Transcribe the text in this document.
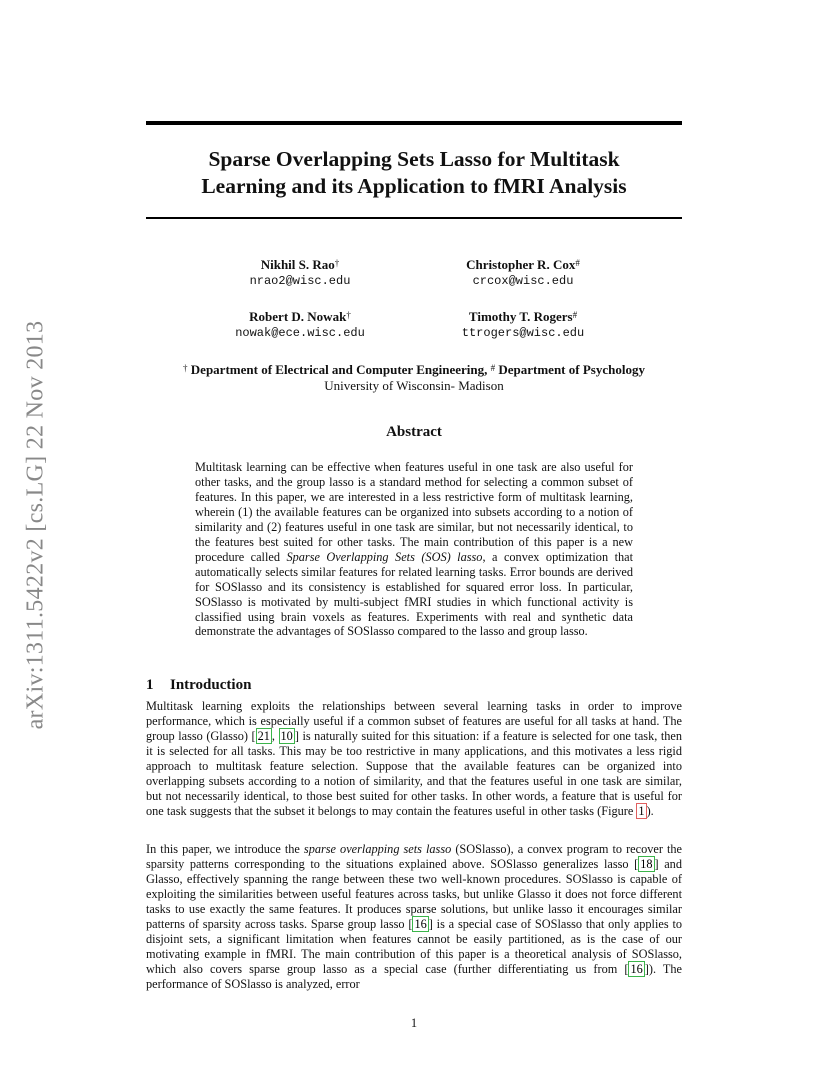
arXiv:1311.5422v2 [cs.LG] 22 Nov 2013
Sparse Overlapping Sets Lasso for Multitask
Learning and its Application to fMRI Analysis
Nikhil S. Rao†
nrao2@wisc.edu
Christopher R. Cox#
crcox@wisc.edu
Robert D. Nowak†
nowak@ece.wisc.edu
Timothy T. Rogers#
ttrogers@wisc.edu
† Department of Electrical and Computer Engineering, # Department of Psychology
University of Wisconsin- Madison
Abstract
Multitask learning can be effective when features useful in one task are also useful for other tasks, and the group lasso is a standard method for selecting a common subset of features. In this paper, we are interested in a less restrictive form of multitask learning, wherein (1) the available features can be organized into subsets according to a notion of similarity and (2) features useful in one task are similar, but not necessarily identical, to the features best suited for other tasks. The main contribution of this paper is a new procedure called Sparse Overlapping Sets (SOS) lasso, a convex optimization that automatically selects similar features for related learning tasks. Error bounds are derived for SOSlasso and its consistency is established for squared error loss. In particular, SOSlasso is motivated by multi-subject fMRI studies in which functional activity is classified using brain voxels as features. Experiments with real and synthetic data demonstrate the advantages of SOSlasso compared to the lasso and group lasso.
1 Introduction
Multitask learning exploits the relationships between several learning tasks in order to improve performance, which is especially useful if a common subset of features are useful for all tasks at hand. The group lasso (Glasso) [ 21 , 10 ] is naturally suited for this situation: if a feature is selected for one task, then it is selected for all tasks. This may be too restrictive in many applications, and this motivates a less rigid approach to multitask feature selection. Suppose that the available features can be organized into overlapping subsets according to a notion of similarity, and that the features useful in one task are similar, but not necessarily identical, to those best suited for other tasks. In other words, a feature that is useful for one task suggests that the subset it belongs to may contain the features useful in other tasks (Figure 1 ).
In this paper, we introduce the sparse overlapping sets lasso (SOSlasso), a convex program to recover the sparsity patterns corresponding to the situations explained above. SOSlasso generalizes lasso [ 18 ] and Glasso, effectively spanning the range between these two well-known procedures. SOSlasso is capable of exploiting the similarities between useful features across tasks, but unlike Glasso it does not force different tasks to use exactly the same features. It produces sparse solutions, but unlike lasso it encourages similar patterns of sparsity across tasks. Sparse group lasso [ 16 ] is a special case of SOSlasso that only applies to disjoint sets, a significant limitation when features cannot be easily partitioned, as is the case of our motivating example in fMRI. The main contribution of this paper is a theoretical analysis of SOSlasso, which also covers sparse group lasso as a special case (further differentiating us from [ 16 ]). The performance of SOSlasso is analyzed, error
1
